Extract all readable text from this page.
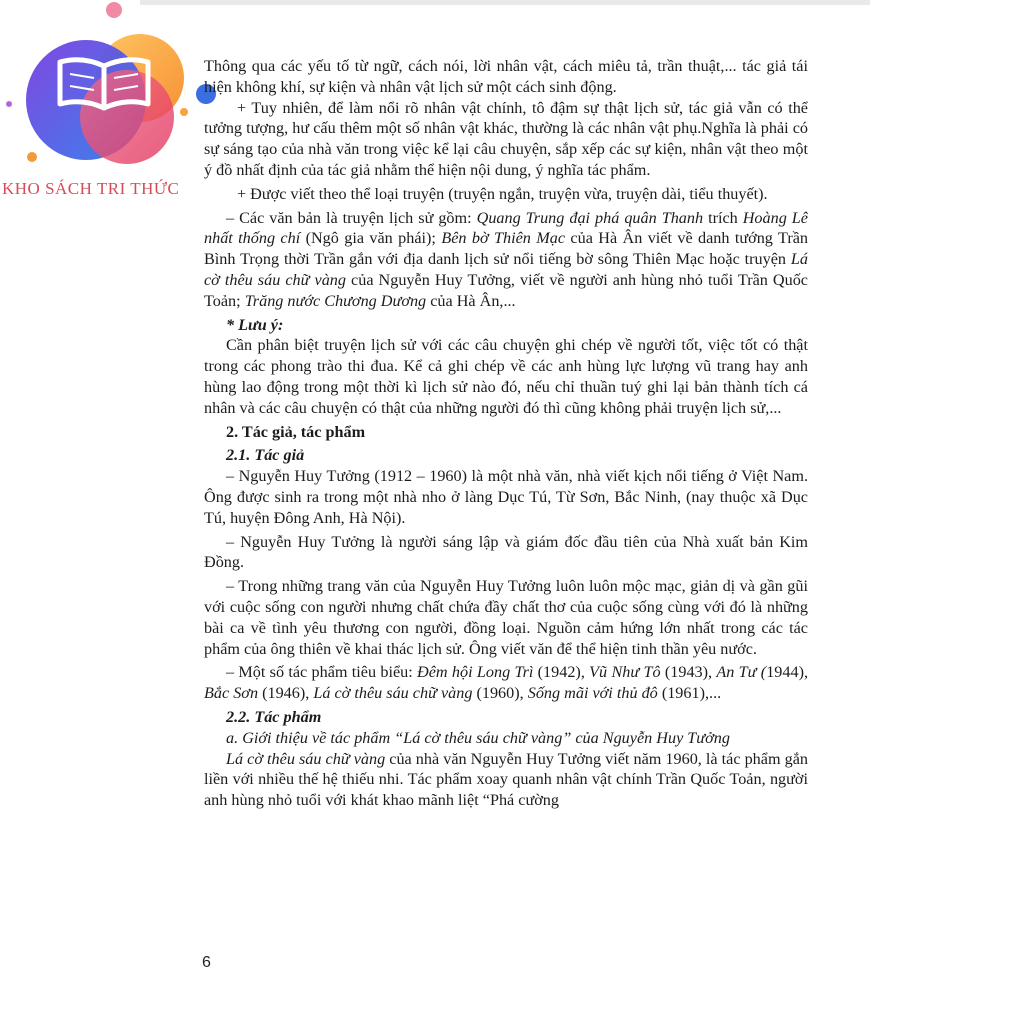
KHO SÁCH TRI THỨC

Thông qua các yếu tố từ ngữ, cách nói, lời nhân vật, cách miêu tả, trần thuật,... tác giả tái hiện không khí, sự kiện và nhân vật lịch sử một cách sinh động.

+ Tuy nhiên, để làm nổi rõ nhân vật chính, tô đậm sự thật lịch sử, tác giả vẫn có thể tưởng tượng, hư cấu thêm một số nhân vật khác, thường là các nhân vật phụ.Nghĩa là phải có sự sáng tạo của nhà văn trong việc kể lại câu chuyện, sắp xếp các sự kiện, nhân vật theo một ý đồ nhất định của tác giả nhằm thể hiện nội dung, ý nghĩa tác phẩm.

+ Được viết theo thể loại truyện (truyện ngắn, truyện vừa, truyện dài, tiểu thuyết).

– Các văn bản là truyện lịch sử gồm: Quang Trung đại phá quân Thanh trích Hoàng Lê nhất thống chí (Ngô gia văn phái); Bên bờ Thiên Mạc của Hà Ân viết về danh tướng Trần Bình Trọng thời Trần gắn với địa danh lịch sử nổi tiếng bờ sông Thiên Mạc hoặc truyện Lá cờ thêu sáu chữ vàng của Nguyễn Huy Tưởng, viết về người anh hùng nhỏ tuổi Trần Quốc Toản; Trăng nước Chương Dương của Hà Ân,...

* Lưu ý:

Cần phân biệt truyện lịch sử với các câu chuyện ghi chép về người tốt, việc tốt có thật trong các phong trào thi đua. Kể cả ghi chép về các anh hùng lực lượng vũ trang hay anh hùng lao động trong một thời kì lịch sử nào đó, nếu chỉ thuần tuý ghi lại bản thành tích cá nhân và các câu chuyện có thật của những người đó thì cũng không phải truyện lịch sử,...

2. Tác giả, tác phẩm

2.1. Tác giả

– Nguyễn Huy Tưởng (1912 – 1960) là một nhà văn, nhà viết kịch nổi tiếng ở Việt Nam. Ông được sinh ra trong một nhà nho ở làng Dục Tú, Từ Sơn, Bắc Ninh, (nay thuộc xã Dục Tú, huyện Đông Anh, Hà Nội).

– Nguyễn Huy Tưởng là người sáng lập và giám đốc đầu tiên của Nhà xuất bản Kim Đồng.

– Trong những trang văn của Nguyễn Huy Tưởng luôn luôn mộc mạc, giản dị và gần gũi với cuộc sống con người nhưng chất chứa đầy chất thơ của cuộc sống cùng với đó là những bài ca về tình yêu thương con người, đồng loại. Nguồn cảm hứng lớn nhất trong các tác phẩm của ông thiên về khai thác lịch sử. Ông viết văn để thể hiện tinh thần yêu nước.

– Một số tác phẩm tiêu biểu: Đêm hội Long Trì (1942), Vũ Như Tô (1943), An Tư (1944), Bắc Sơn (1946), Lá cờ thêu sáu chữ vàng (1960), Sống mãi với thủ đô (1961),...

2.2. Tác phẩm

a. Giới thiệu về tác phẩm “Lá cờ thêu sáu chữ vàng” của Nguyễn Huy Tưởng

Lá cờ thêu sáu chữ vàng của nhà văn Nguyễn Huy Tưởng viết năm 1960, là tác phẩm gắn liền với nhiều thế hệ thiếu nhi. Tác phẩm xoay quanh nhân vật chính Trần Quốc Toản, người anh hùng nhỏ tuổi với khát khao mãnh liệt “Phá cường

6
